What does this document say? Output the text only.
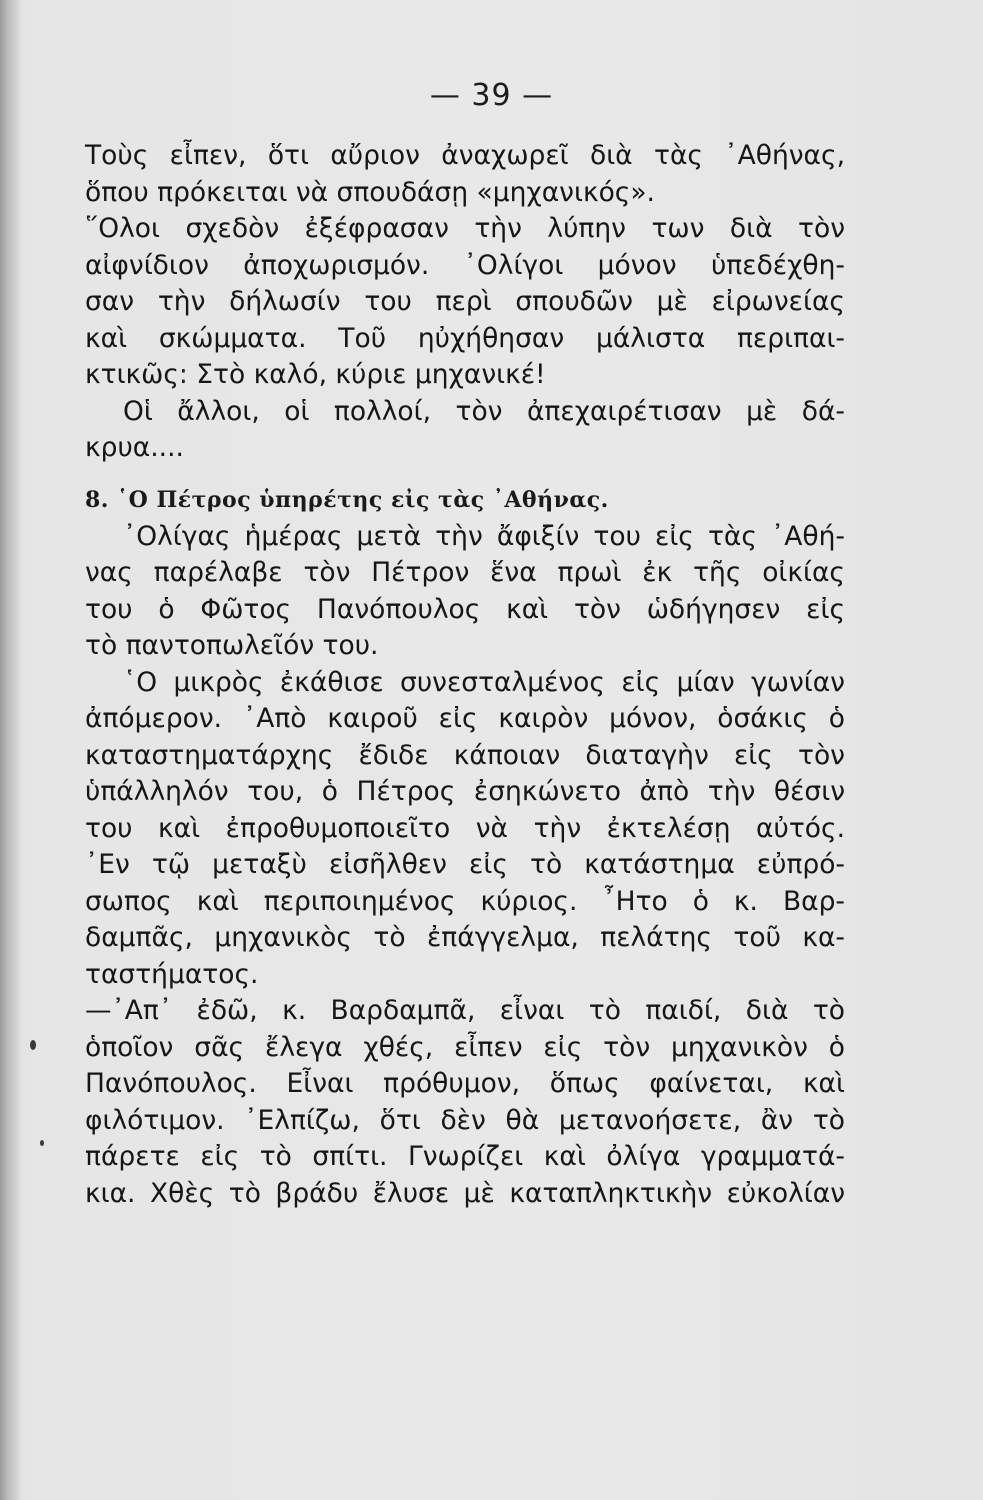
— 39 —
Τοὺς εἶπεν, ὅτι αὔριον ἀναχωρεῖ διὰ τὰς ᾿Αθήνας,
ὅπου πρόκειται νὰ σπουδάσῃ «μηχανικός».
῞Ολοι σχεδὸν ἐξέφρασαν τὴν λύπην των διὰ τὸν
αἰφνίδιον ἀποχωρισμόν. ᾿Ολίγοι μόνον ὑπεδέχθη-
σαν τὴν δήλωσίν του περὶ σπουδῶν μὲ εἰρωνείας
καὶ σκώμματα. Τοῦ ηὐχήθησαν μάλιστα περιπαι-
κτικῶς: Στὸ καλό, κύριε μηχανικέ!
Οἱ ἄλλοι, οἱ πολλοί, τὸν ἀπεχαιρέτισαν μὲ δά-
κρυα....
8. ῾Ο Πέτρος ὑπηρέτης εἰς τὰς ᾿Αθήνας.
᾿Ολίγας ἡμέρας μετὰ τὴν ἄφιξίν του εἰς τὰς ᾿Αθή-
νας παρέλαβε τὸν Πέτρον ἕνα πρωὶ ἐκ τῆς οἰκίας
του ὁ Φῶτος Πανόπουλος καὶ τὸν ὡδήγησεν εἰς
τὸ παντοπωλεῖόν του.
῾Ο μικρὸς ἐκάθισε συνεσταλμένος εἰς μίαν γωνίαν
ἀπόμερον. ᾿Απὸ καιροῦ εἰς καιρὸν μόνον, ὁσάκις ὁ
καταστηματάρχης ἔδιδε κάποιαν διαταγὴν εἰς τὸν
ὑπάλληλόν του, ὁ Πέτρος ἐσηκώνετο ἀπὸ τὴν θέσιν
του καὶ ἐπροθυμοποιεῖτο νὰ τὴν ἐκτελέσῃ αὐτός.
᾿Εν τῷ μεταξὺ εἰσῆλθεν εἰς τὸ κατάστημα εὐπρό-
σωπος καὶ περιποιημένος κύριος. ῏Ητο ὁ κ. Βαρ-
δαμπᾶς, μηχανικὸς τὸ ἐπάγγελμα, πελάτης τοῦ κα-
ταστήματος.
—᾿Απ᾿ ἐδῶ, κ. Βαρδαμπᾶ, εἶναι τὸ παιδί, διὰ τὸ
ὁποῖον σᾶς ἔλεγα χθές, εἶπεν εἰς τὸν μηχανικὸν ὁ
Πανόπουλος. Εἶναι πρόθυμον, ὅπως φαίνεται, καὶ
φιλότιμον. ᾿Ελπίζω, ὅτι δὲν θὰ μετανοήσετε, ἂν τὸ
πάρετε εἰς τὸ σπίτι. Γνωρίζει καὶ ὀλίγα γραμματά-
κια. Χθὲς τὸ βράδυ ἔλυσε μὲ καταπληκτικὴν εὐκολίαν
